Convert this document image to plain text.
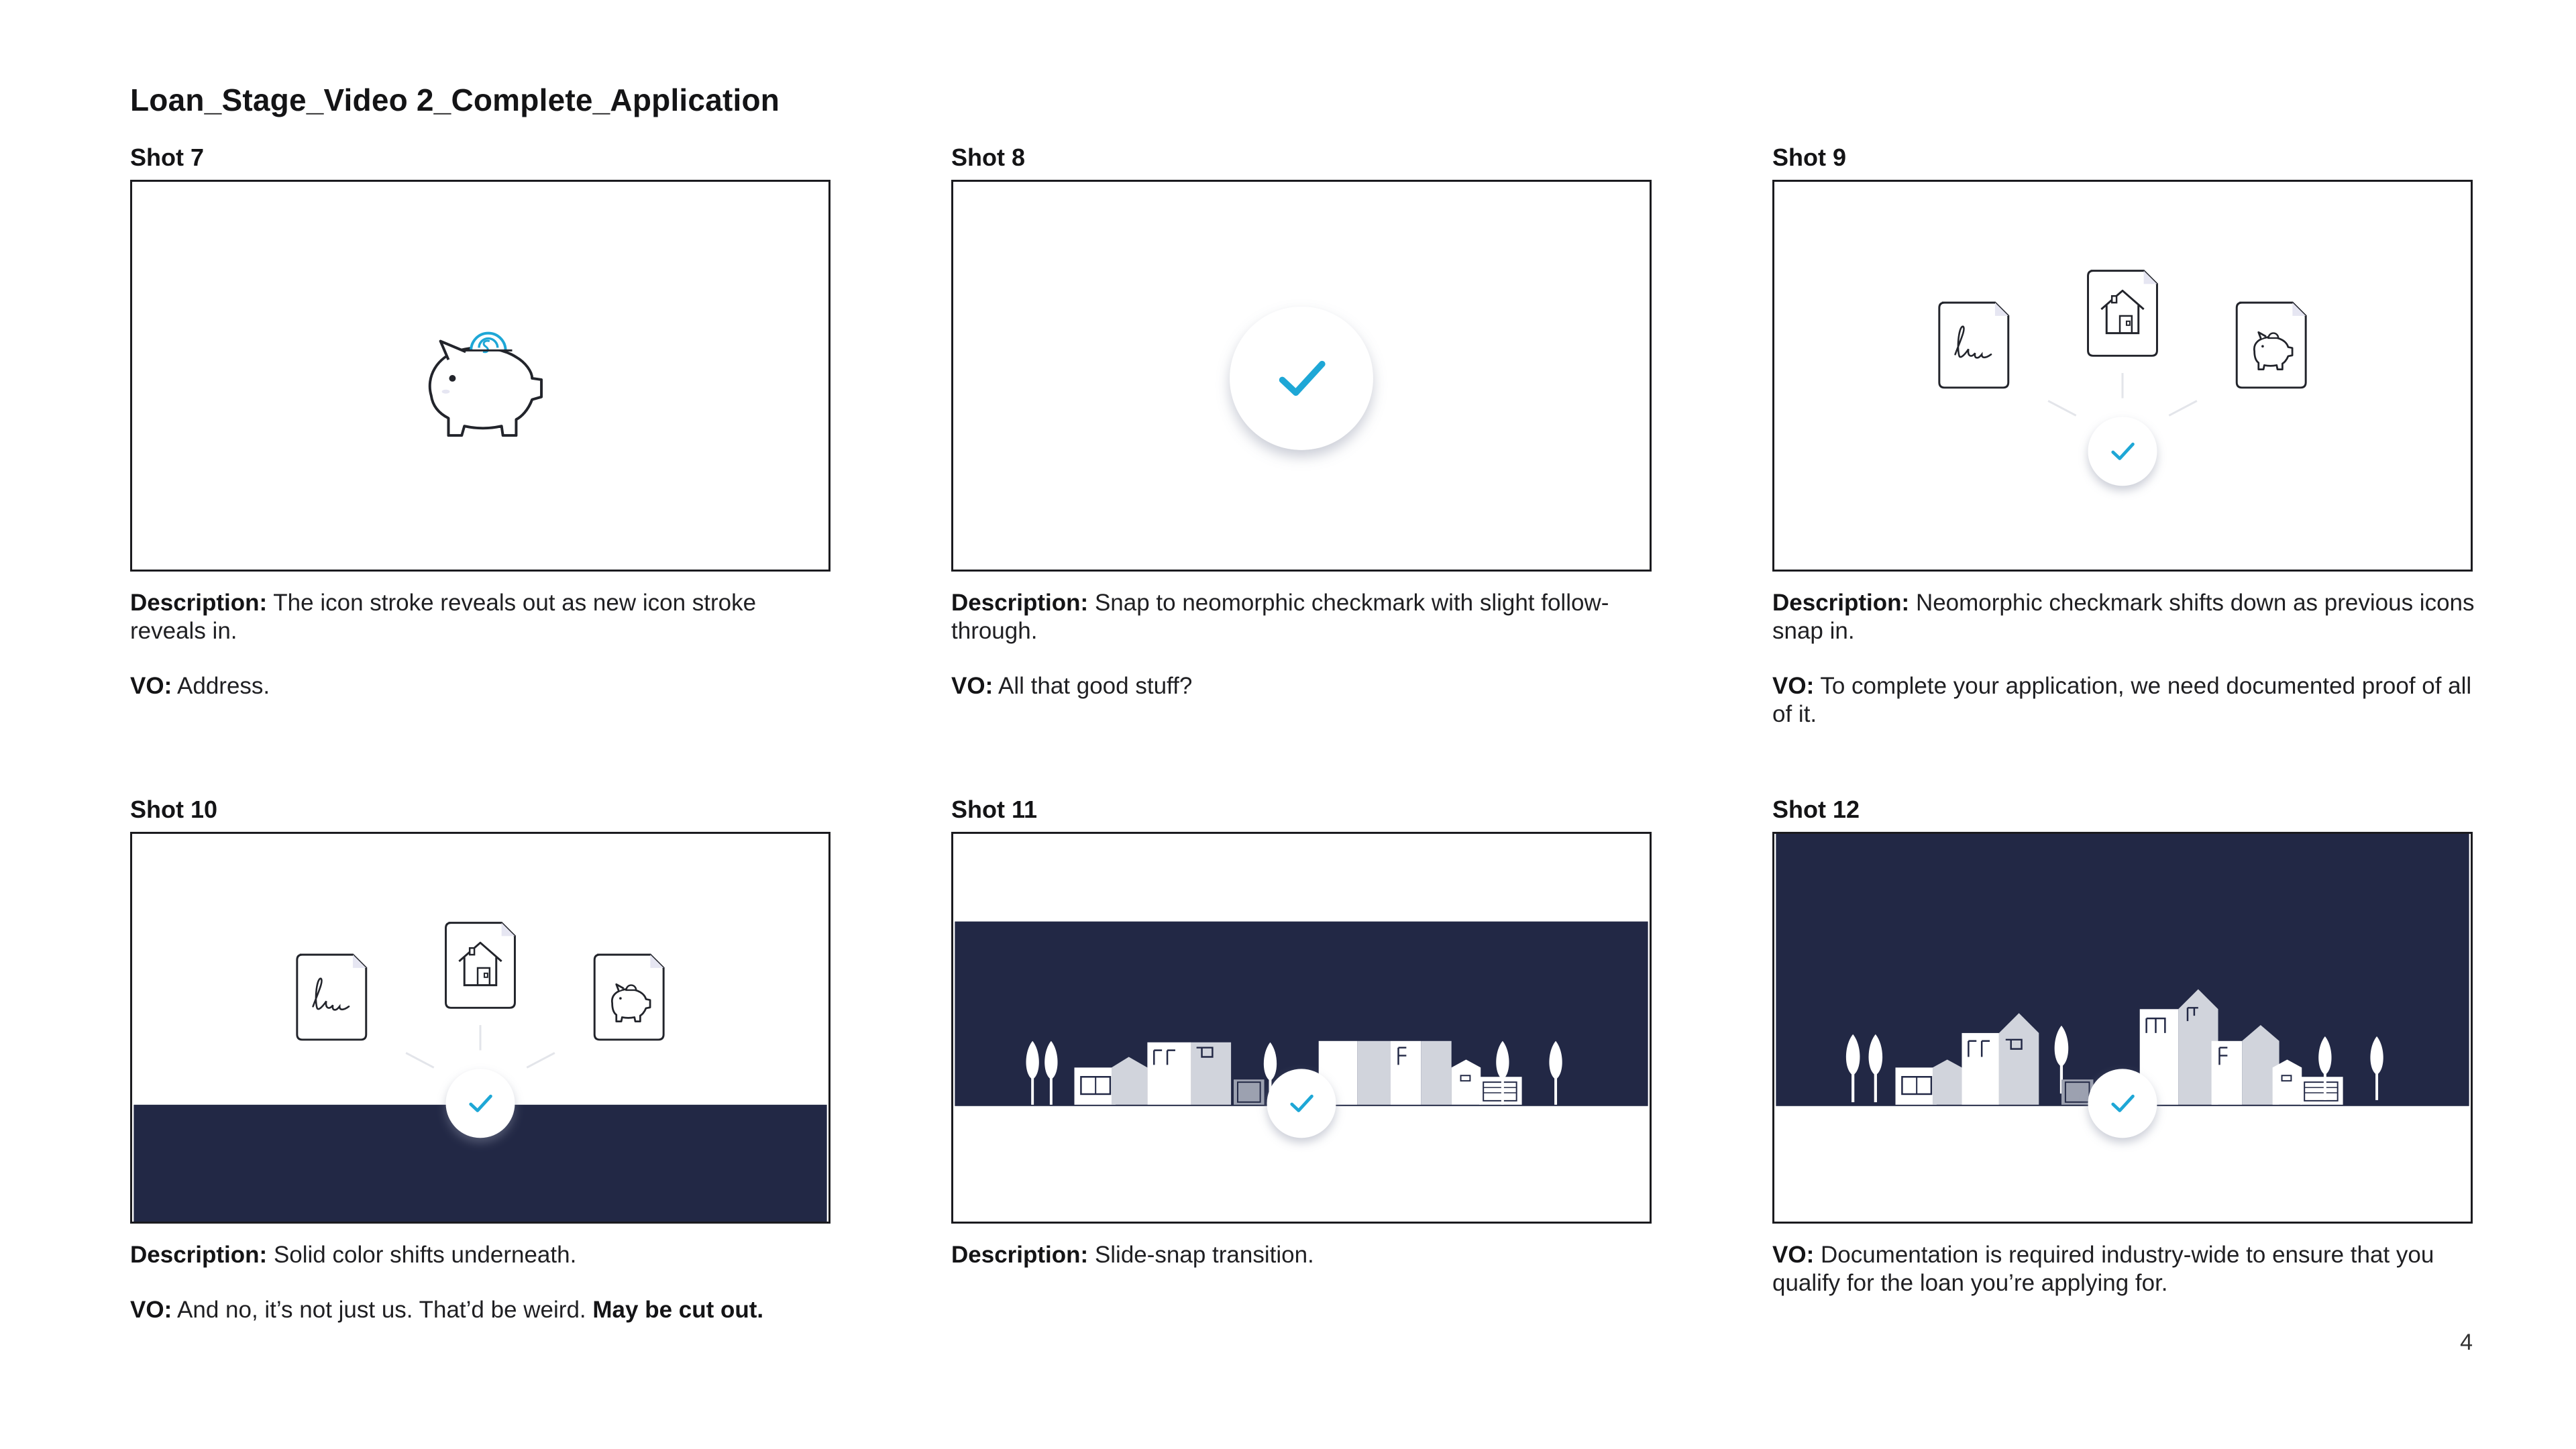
Loan_Stage_Video 2_Complete_Application
Shot 7

Description: The icon stroke reveals out as new icon stroke reveals in.

VO: Address.

Shot 8

Description: Snap to neomorphic checkmark with slight follow-through.

VO: All that good stuff?

Shot 9

Description: Neomorphic checkmark shifts down as previous icons snap in.

VO: To complete your application, we need documented proof of all of it.

Shot 10

Description: Solid color shifts underneath.

VO: And no, it’s not just us. That’d be weird. May be cut out.

Shot 11

Description: Slide-snap transition.

Shot 12

VO: Documentation is required industry-wide to ensure that you qualify for the loan you’re applying for.

4
